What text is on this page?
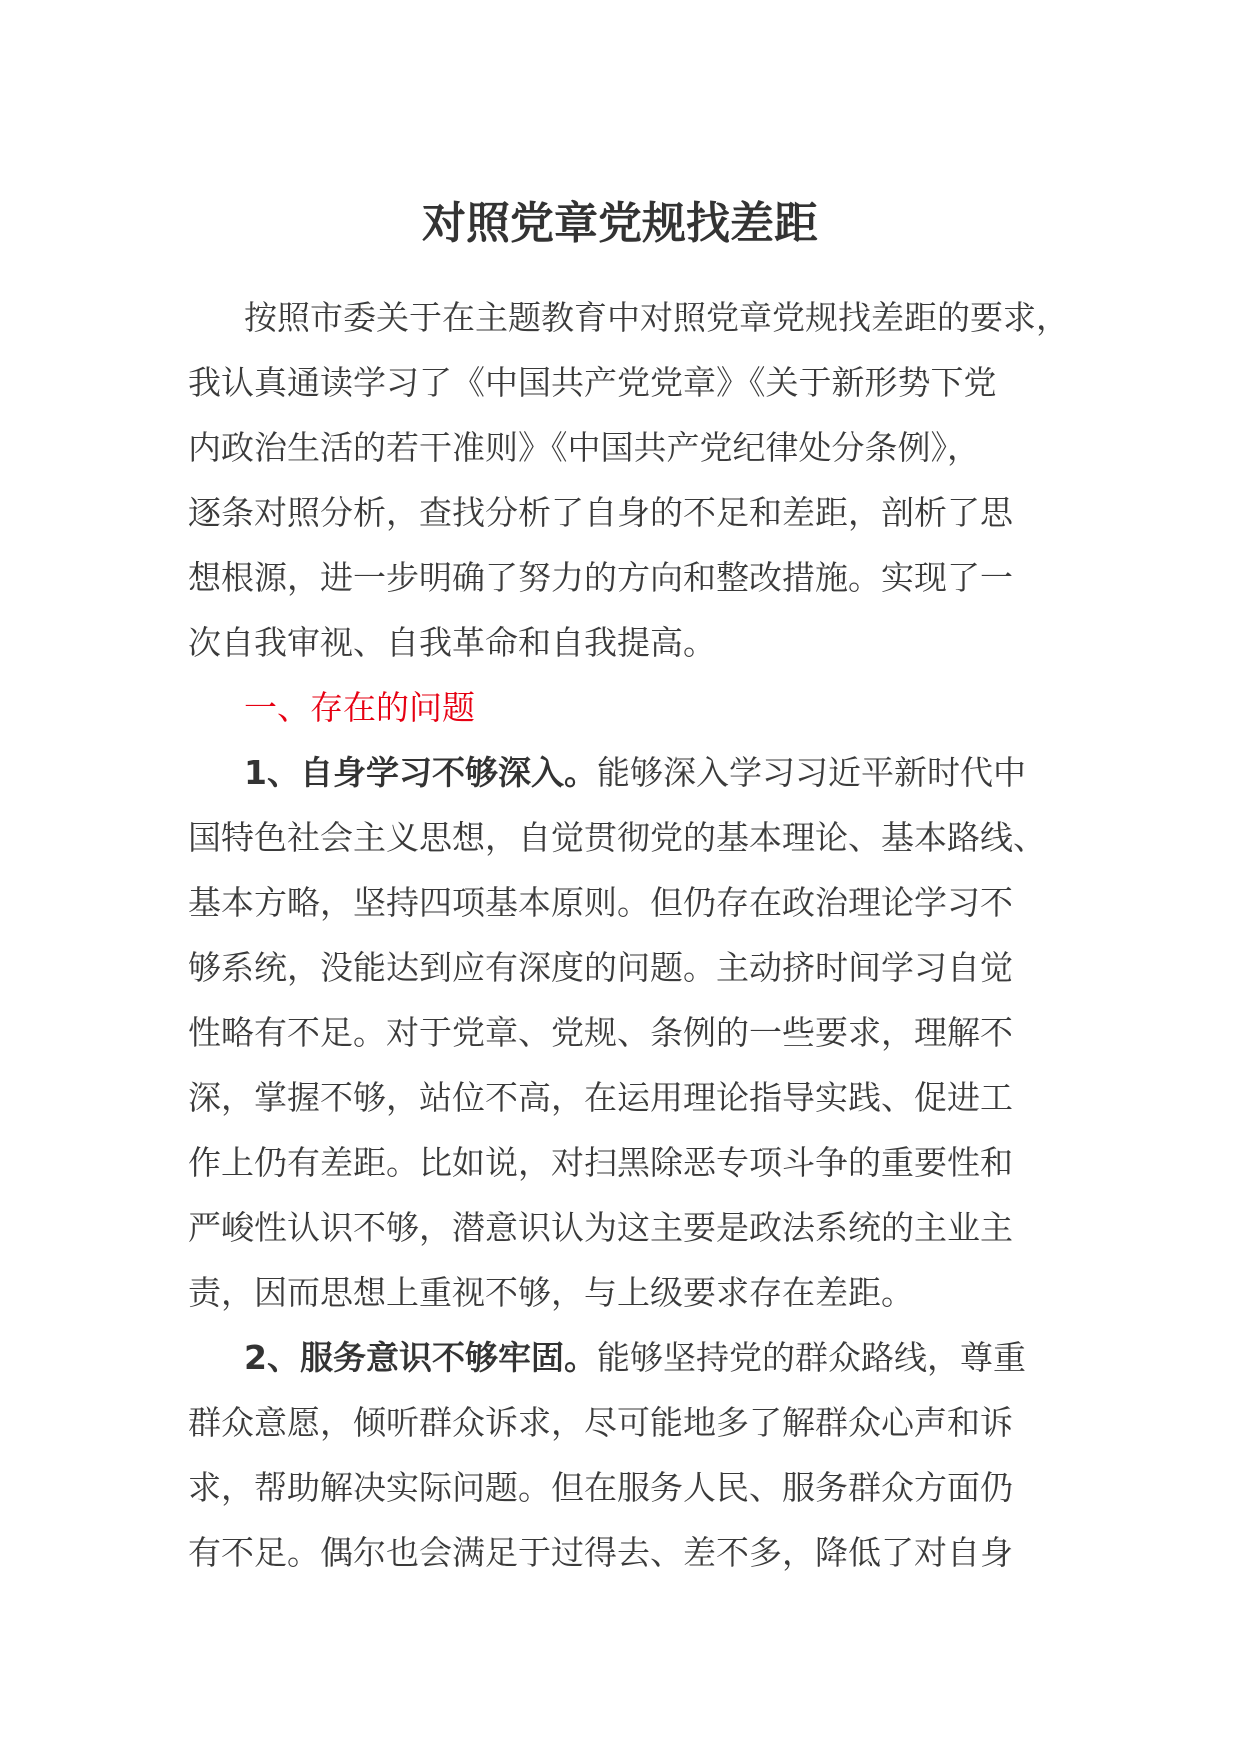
对照党章党规找差距
按照市委关于在主题教育中对照党章党规找差距的要求，
我认真通读学习了《中国共产党党章》《关于新形势下党
内政治生活的若干准则》《中国共产党纪律处分条例》，
逐条对照分析，查找分析了自身的不足和差距，剖析了思
想根源，进一步明确了努力的方向和整改措施。实现了一
次自我审视、自我革命和自我提高。
一、存在的问题
1、自身学习不够深入。能够深入学习习近平新时代中
国特色社会主义思想，自觉贯彻党的基本理论、基本路线、
基本方略，坚持四项基本原则。但仍存在政治理论学习不
够系统，没能达到应有深度的问题。主动挤时间学习自觉
性略有不足。对于党章、党规、条例的一些要求，理解不
深，掌握不够，站位不高，在运用理论指导实践、促进工
作上仍有差距。比如说，对扫黑除恶专项斗争的重要性和
严峻性认识不够，潜意识认为这主要是政法系统的主业主
责，因而思想上重视不够，与上级要求存在差距。
2、服务意识不够牢固。能够坚持党的群众路线，尊重
群众意愿，倾听群众诉求，尽可能地多了解群众心声和诉
求，帮助解决实际问题。但在服务人民、服务群众方面仍
有不足。偶尔也会满足于过得去、差不多，降低了对自身
